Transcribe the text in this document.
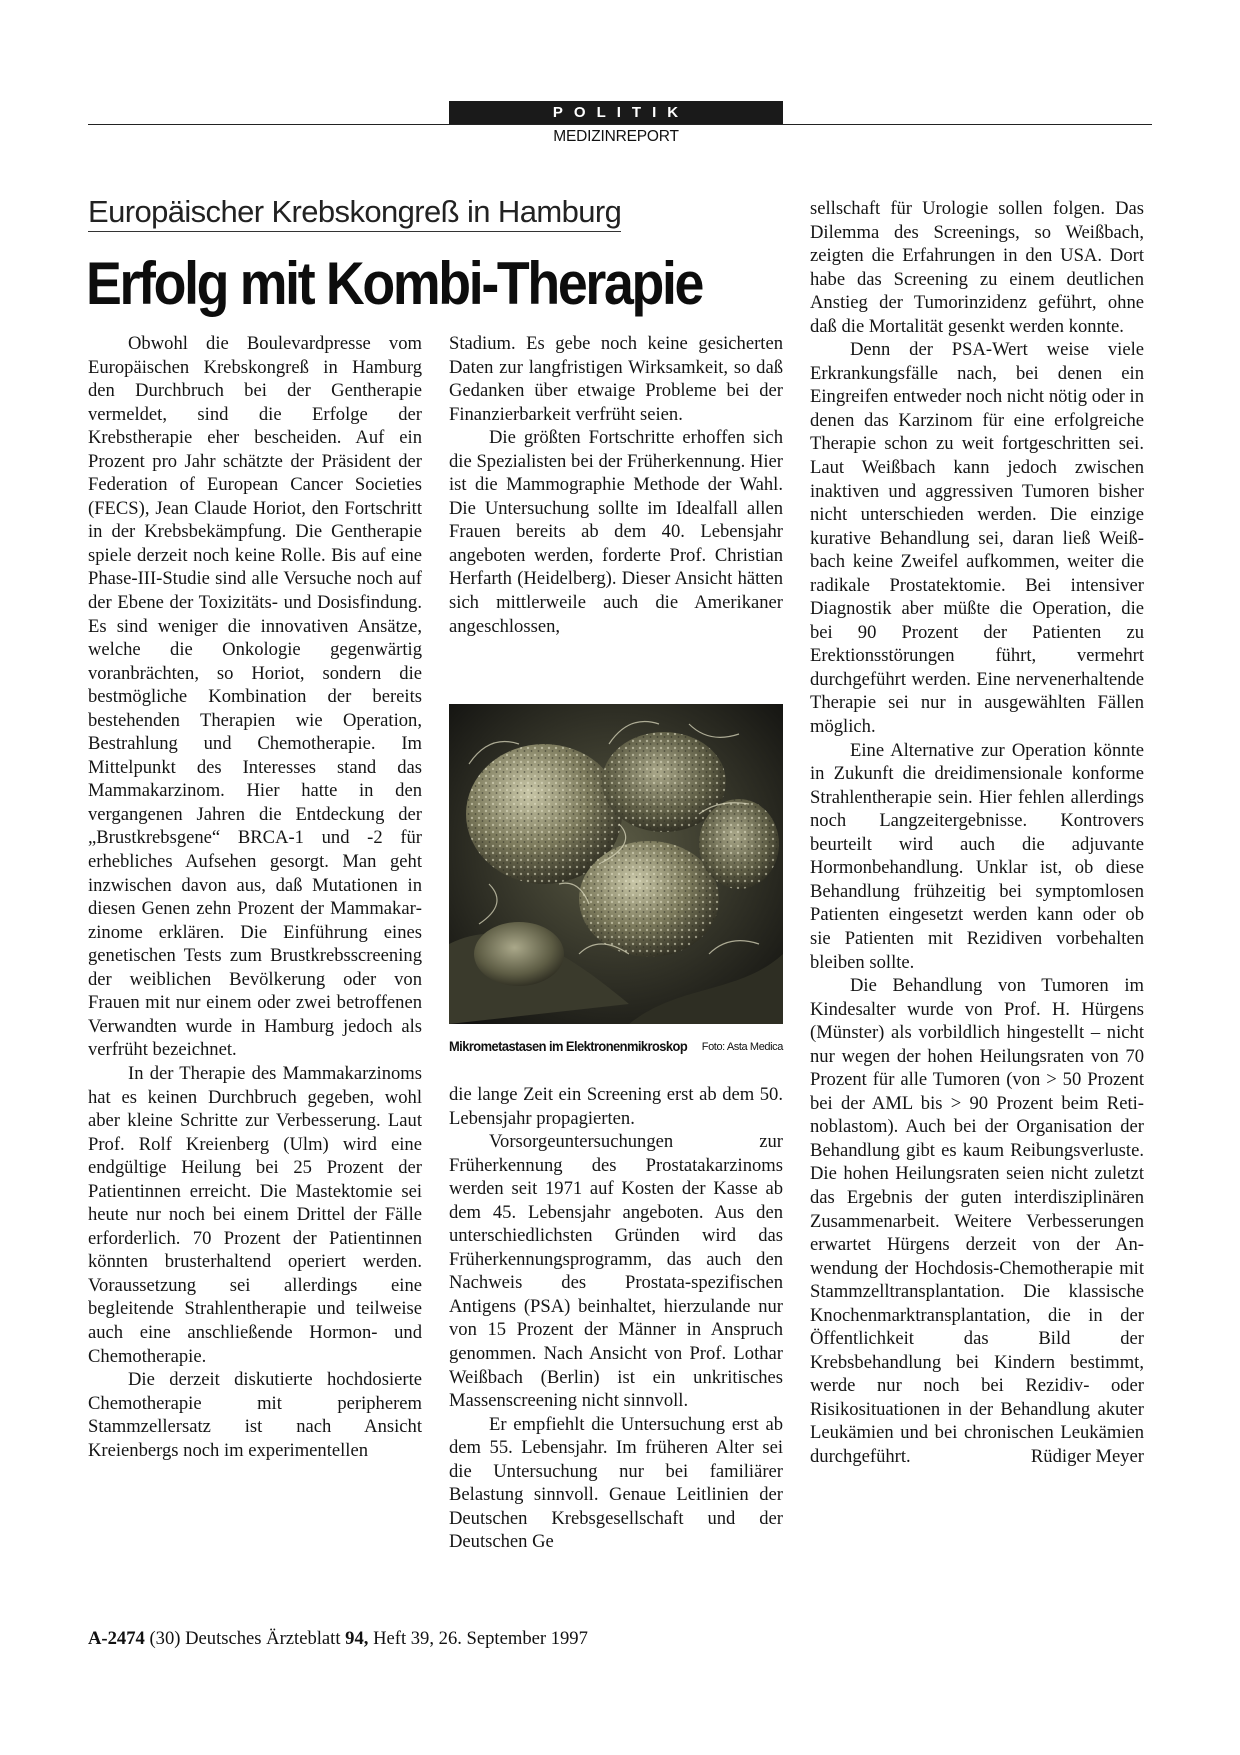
POLITIK
MEDIZINREPORT
Europäischer Krebskongreß in Hamburg
Erfolg mit Kombi-Therapie

Obwohl die Boulevardpresse vom Europäischen Krebskongreß in Hamburg den Durchbruch bei der Gentherapie vermeldet, sind die Erfolge der Krebstherapie eher bescheiden. Auf ein Prozent pro Jahr schätzte der Präsident der Federation of European Cancer Societies (FECS), Jean Claude Horiot, den Fortschritt in der Krebsbekämpfung. Die Gentherapie spiele derzeit noch keine Rolle. Bis auf eine Phase-III-Studie sind alle Versuche noch auf der Ebene der Toxizitäts- und Dosisfindung. Es sind weniger die innovativen Ansätze, welche die Onkologie gegenwärtig voranbrächten, so Horiot, sondern die bestmögliche Kombination der bereits bestehenden Therapien wie Operation, Bestrahlung und Chemotherapie. Im Mittelpunkt des Interesses stand das Mammakarzinom. Hier hatte in den vergangenen Jahren die Entdeckung der „Brustkrebsgene“ BRCA-1 und -2 für erhebliches Aufsehen gesorgt. Man geht inzwischen davon aus, daß Mutationen in diesen Genen zehn Prozent der Mammakarzinome erklären. Die Einführung eines genetischen Tests zum Brustkrebsscreening der weiblichen Bevölkerung oder von Frauen mit nur einem oder zwei betroffenen Verwandten wurde in Hamburg jedoch als verfrüht bezeichnet.

In der Therapie des Mammakarzinoms hat es keinen Durchbruch gegeben, wohl aber kleine Schritte zur Verbesserung. Laut Prof. Rolf Kreienberg (Ulm) wird eine endgültige Heilung bei 25 Prozent der Patientinnen erreicht. Die Mastektomie sei heute nur noch bei einem Drittel der Fälle erforderlich. 70 Prozent der Patientinnen könnten brusterhaltend operiert werden. Voraussetzung sei allerdings eine begleitende Strahlentherapie und teilweise auch eine anschließende Hormon- und Chemotherapie.

Die derzeit diskutierte hochdosierte Chemotherapie mit peripherem Stammzellersatz ist nach Ansicht Kreienbergs noch im experimentellen

Stadium. Es gebe noch keine gesicherten Daten zur langfristigen Wirksamkeit, so daß Gedanken über etwaige Probleme bei der Finanzierbarkeit verfrüht seien.

Die größten Fortschritte erhoffen sich die Spezialisten bei der Früherkennung. Hier ist die Mammographie Methode der Wahl. Die Untersuchung sollte im Idealfall allen Frauen bereits ab dem 40. Lebensjahr angeboten werden, forderte Prof. Christian Herfarth (Heidelberg). Dieser Ansicht hätten sich mittlerweile auch die Amerikaner angeschlossen,

Mikrometastasen im Elektronenmikroskop	Foto: Asta Medica

die lange Zeit ein Screening erst ab dem 50. Lebensjahr propagierten.

Vorsorgeuntersuchungen zur Früherkennung des Prostatakarzinoms werden seit 1971 auf Kosten der Kasse ab dem 45. Lebensjahr angeboten. Aus den unterschiedlichsten Gründen wird das Früherkennungsprogramm, das auch den Nachweis des Prostata-spezifischen Antigens (PSA) beinhaltet, hierzulande nur von 15 Prozent der Männer in Anspruch genommen. Nach Ansicht von Prof. Lothar Weißbach (Berlin) ist ein unkritisches Massenscreening nicht sinnvoll.

Er empfiehlt die Untersuchung erst ab dem 55. Lebensjahr. Im früheren Alter sei die Untersuchung nur bei familiärer Belastung sinnvoll. Genaue Leitlinien der Deutschen Krebsgesellschaft und der Deutschen Ge

sellschaft für Urologie sollen folgen. Das Dilemma des Screenings, so Weißbach, zeigten die Erfahrungen in den USA. Dort habe das Screening zu einem deutlichen Anstieg der Tumorinzidenz geführt, ohne daß die Mortalität gesenkt werden konnte.

Denn der PSA-Wert weise viele Erkrankungsfälle nach, bei denen ein Eingreifen entweder noch nicht nötig oder in denen das Karzinom für eine erfolgreiche Therapie schon zu weit fortgeschritten sei. Laut Weißbach kann jedoch zwischen inaktiven und aggressiven Tumoren bisher nicht unterschieden werden. Die einzige kurative Behandlung sei, daran ließ Weißbach keine Zweifel aufkommen, weiter die radikale Prostatektomie. Bei intensiver Diagnostik aber müßte die Operation, die bei 90 Prozent der Patienten zu Erektionsstörungen führt, vermehrt durchgeführt werden. Eine nervenerhaltende Therapie sei nur in ausgewählten Fällen möglich.

Eine Alternative zur Operation könnte in Zukunft die dreidimensionale konforme Strahlentherapie sein. Hier fehlen allerdings noch Langzeitergebnisse. Kontrovers beurteilt wird auch die adjuvante Hormonbehandlung. Unklar ist, ob diese Behandlung frühzeitig bei symptomlosen Patienten eingesetzt werden kann oder ob sie Patienten mit Rezidiven vorbehalten bleiben sollte.

Die Behandlung von Tumoren im Kindesalter wurde von Prof. H. Hürgens (Münster) als vorbildlich hingestellt – nicht nur wegen der hohen Heilungsraten von 70 Prozent für alle Tumoren (von > 50 Prozent bei der AML bis > 90 Prozent beim Retinoblastom). Auch bei der Organisation der Behandlung gibt es kaum Reibungsverluste. Die hohen Heilungsraten seien nicht zuletzt das Ergebnis der guten interdisziplinären Zusammenarbeit. Weitere Verbesserungen erwartet Hürgens derzeit von der Anwendung der Hochdosis-Chemotherapie mit Stammzelltransplantation. Die klassische Knochenmarktransplantation, die in der Öffentlichkeit das Bild der Krebsbehandlung bei Kindern bestimmt, werde nur noch bei Rezidiv- oder Risikosituationen in der Behandlung akuter Leukämien und bei chronischen Leukämien durchgeführt.	Rüdiger Meyer

A-2474 (30) Deutsches Ärzteblatt 94, Heft 39, 26. September 1997
